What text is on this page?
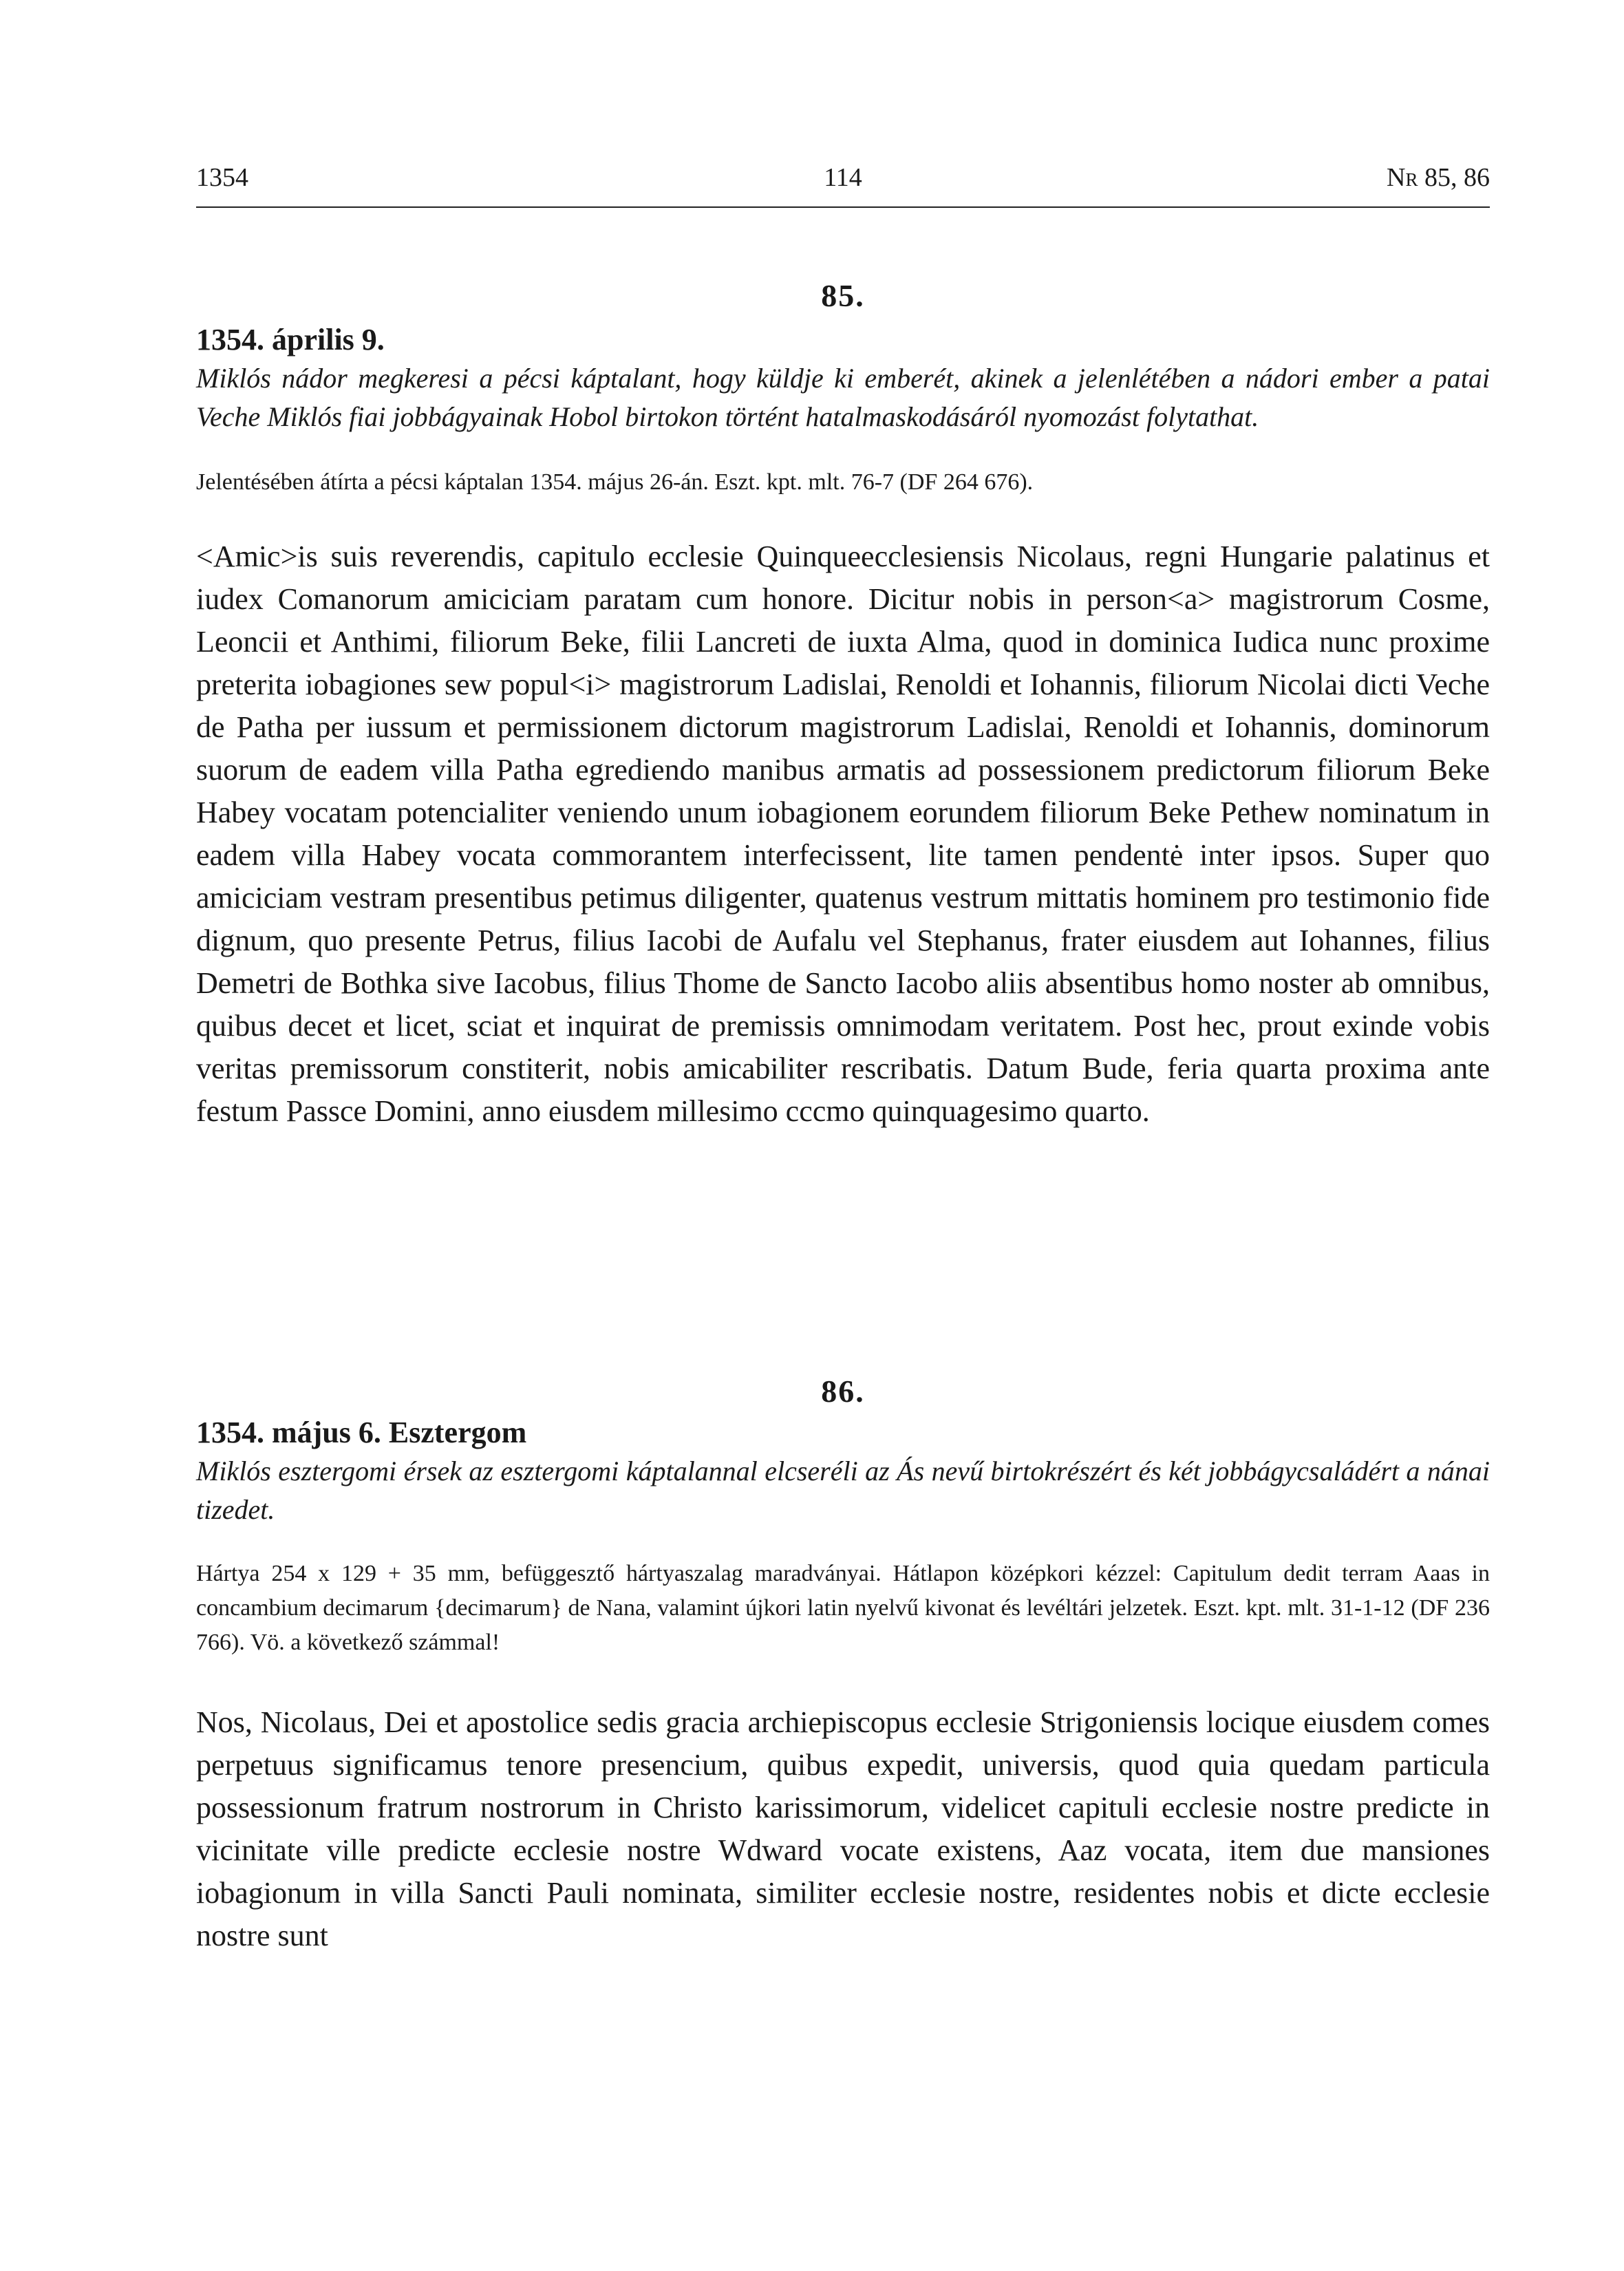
1354	114	Nr 85, 86

85.

1354. április 9.

Miklós nádor megkeresi a pécsi káptalant, hogy küldje ki emberét, akinek a jelenlétében a nádori ember a patai Veche Miklós fiai jobbágyainak Hobol birtokon történt hatalmaskodásáról nyomozást folytathat.

Jelentésében átírta a pécsi káptalan 1354. május 26-án. Eszt. kpt. mlt. 76-7 (DF 264 676).

<Amic>is suis reverendis, capitulo ecclesie Quinqueecclesiensis Nicolaus, regni Hungarie palatinus et iudex Comanorum amiciciam paratam cum honore. Dicitur nobis in person<a> magistrorum Cosme, Leoncii et Anthimi, filiorum Beke, filii Lancreti de iuxta Alma, quod in dominica Iudica nunc proxime preterita iobagiones sew popul<i> magistrorum Ladislai, Renoldi et Iohannis, filiorum Nicolai dicti Veche de Patha per iussum et permissionem dictorum magistrorum Ladislai, Renoldi et Iohannis, dominorum suorum de eadem villa Patha egrediendo manibus armatis ad possessionem predictorum filiorum Beke Habey vocatam potencialiter veniendo unum iobagionem eorundem filiorum Beke Pethew nominatum in eadem villa Habey vocata commorantem interfecissent, lite tamen pendentė inter ipsos. Super quo amiciciam vestram presentibus petimus diligenter, quatenus vestrum mittatis hominem pro testimonio fide dignum, quo presente Petrus, filius Iacobi de Aufalu vel Stephanus, frater eiusdem aut Iohannes, filius Demetri de Bothka sive Iacobus, filius Thome de Sancto Iacobo aliis absentibus homo noster ab omnibus, quibus decet et licet, sciat et inquirat de premissis omnimodam veritatem. Post hec, prout exinde vobis veritas premissorum constiterit, nobis amicabiliter rescribatis. Datum Bude, feria quarta proxima ante festum Passce Domini, anno eiusdem millesimo cccmo quinquagesimo quarto.

86.

1354. május 6. Esztergom

Miklós esztergomi érsek az esztergomi káptalannal elcseréli az Ás nevű birtokrészért és két jobbágycsaládért a nánai tizedet.

Hártya 254 x 129 + 35 mm, befüggesztő hártyaszalag maradványai. Hátlapon középkori kézzel: Capitulum dedit terram Aaas in concambium decimarum {decimarum} de Nana, valamint újkori latin nyelvű kivonat és levéltári jelzetek. Eszt. kpt. mlt. 31-1-12 (DF 236 766). Vö. a következő számmal!

Nos, Nicolaus, Dei et apostolice sedis gracia archiepiscopus ecclesie Strigoniensis locique eiusdem comes perpetuus significamus tenore presencium, quibus expedit, universis, quod quia quedam particula possessionum fratrum nostrorum in Christo karissimorum, videlicet capituli ecclesie nostre predicte in vicinitate ville predicte ecclesie nostre Wdward vocate existens, Aaz vocata, item due mansiones iobagionum in villa Sancti Pauli nominata, similiter ecclesie nostre, residentes nobis et dicte ecclesie nostre sunt
